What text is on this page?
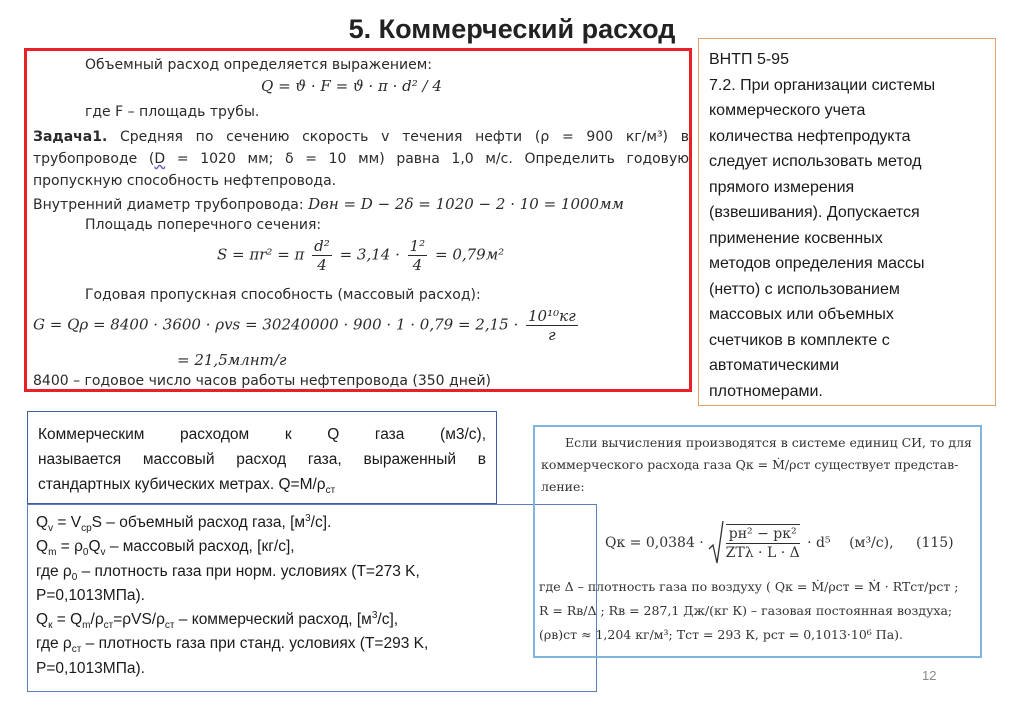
5. Коммерческий расход
Объемный расход определяется выражением:
Q = ϑ · F = ϑ · π · d² / 4
где F – площадь трубы.
Задача1. Средняя по сечению скорость v течения нефти (ρ = 900 кг/м³) в
трубопроводе (D = 1020 мм; δ = 10 мм) равна 1,0 м/с. Определить годовую
пропускную способность нефтепровода.
Внутренний диаметр трубопровода: Dвн = D − 2δ = 1020 − 2 · 10 = 1000мм
Площадь поперечного сечения:
S = πr² = π $\frac{\text{d²}}{4} = 3,14 \cdot \frac{\text{1²}}{4} = 0,79м^2$
Годовая пропускная способность (массовый расход):
$G = Q\rho = 8400 \cdot 3600 \cdot \rho vs = 30240000 \cdot 900 \cdot 1 \cdot 0,79 = 2,15 \cdot \frac{\text{10¹⁰кг}}{г}$
= 21,5млнт/г
8400 – годовое число часов работы нефтепровода (350 дней)
ВНТП 5-95
7.2. При организации системы
коммерческого учета
количества нефтепродукта
следует использовать метод
прямого измерения
(взвешивания). Допускается
применение косвенных
методов определения массы
(нетто) с использованием
массовых или объемных
счетчиков в комплекте с
автоматическими
плотномерами.
Коммерческим расходом к Q газа (м3/с),
называется массовый расход газа, выраженный в
стандартных кубических метрах. $Q=M/\rho_{ст}$
$Q_v = V_{cp}S$ – объемный расход газа, $[м^3/с]$.
$Q_m = \rho_0Q_v$ – массовый расход, [кг/с],
где $\rho_0$ – плотность газа при норм. условиях (T=273 K,
P=0,1013МПа).
$Q_к = Q_m/\rho_{ст}=\rho VS/\rho_{ст}$ – коммерческий расход, $[м^3/с]$,
где $\rho_{ст}$ – плотность газа при станд. условиях (T=293 K,
P=0,1013МПа).
Если вычисления производятся в системе единиц СИ, то для
коммерческого расхода газа Qк = Ṁ/ρст существует представ-
ление:
Qк = $0,0384 \cdot \frac{\text{pн² − pк²}}{\text{ZTλ · L · Δ}} \cdot d^5$ (м³/с), (115)
где Δ – плотность газа по воздуху ( Qк = Ṁ/ρст = Ṁ · RTст/pст ;
R = Rв/Δ ; Rв = 287,1 Дж/(кг К) – газовая постоянная воздуха;
(ρв)ст ≈ 1,204 кг/м³; Tст = 293 К, pст = 0,1013·10⁶ Па).
12
